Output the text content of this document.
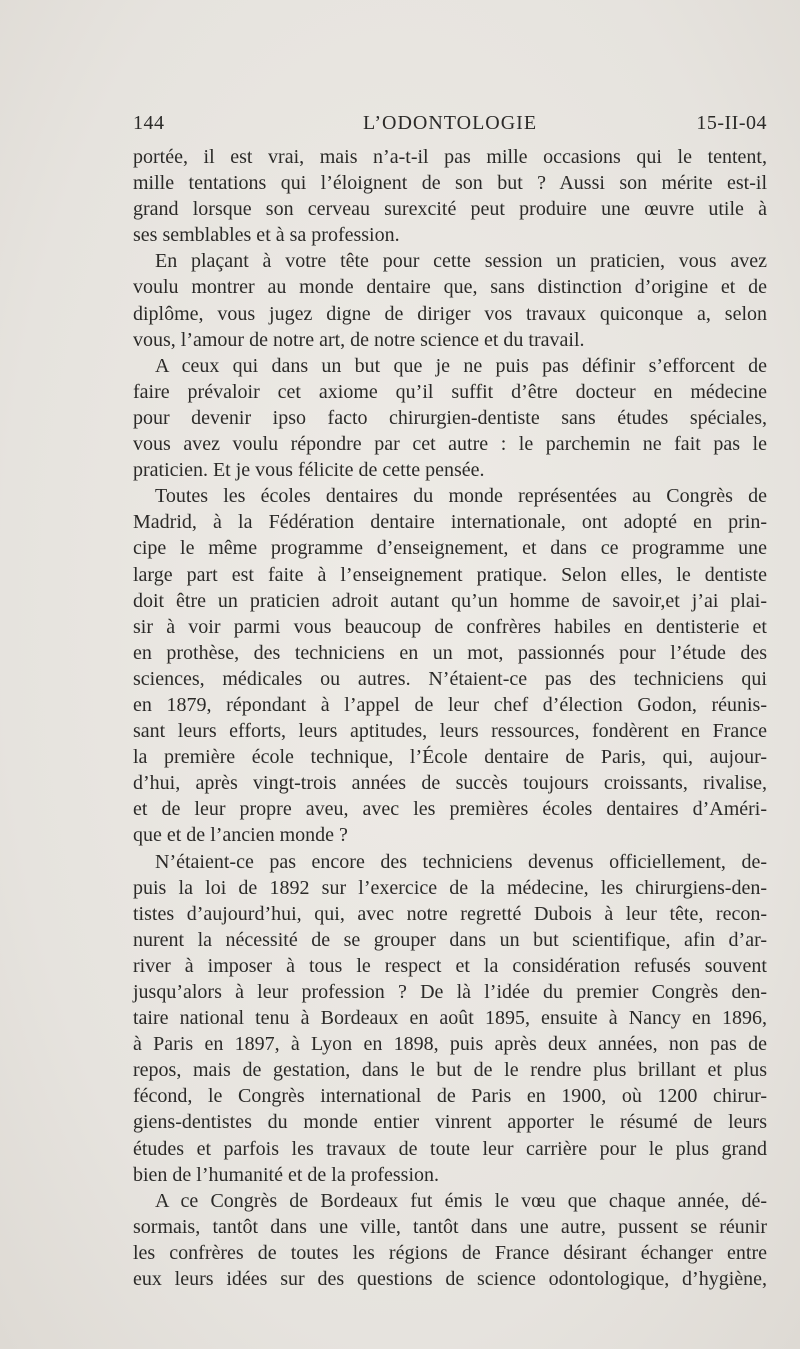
144	L’ODONTOLOGIE	15-II-04
portée, il est vrai, mais n’a-t-il pas mille occasions qui le tentent,
mille tentations qui l’éloignent de son but ? Aussi son mérite est-il
grand lorsque son cerveau surexcité peut produire une œuvre utile à
ses semblables et à sa profession.
En plaçant à votre tête pour cette session un praticien, vous avez
voulu montrer au monde dentaire que, sans distinction d’origine et de
diplôme, vous jugez digne de diriger vos travaux quiconque a, selon
vous, l’amour de notre art, de notre science et du travail.
A ceux qui dans un but que je ne puis pas définir s’efforcent de
faire prévaloir cet axiome qu’il suffit d’être docteur en médecine
pour devenir ipso facto chirurgien-dentiste sans études spéciales,
vous avez voulu répondre par cet autre : le parchemin ne fait pas le
praticien. Et je vous félicite de cette pensée.
Toutes les écoles dentaires du monde représentées au Congrès de
Madrid, à la Fédération dentaire internationale, ont adopté en prin-
cipe le même programme d’enseignement, et dans ce programme une
large part est faite à l’enseignement pratique. Selon elles, le dentiste
doit être un praticien adroit autant qu’un homme de savoir,et j’ai plai-
sir à voir parmi vous beaucoup de confrères habiles en dentisterie et
en prothèse, des techniciens en un mot, passionnés pour l’étude des
sciences, médicales ou autres. N’étaient-ce pas des techniciens qui
en 1879, répondant à l’appel de leur chef d’élection Godon, réunis-
sant leurs efforts, leurs aptitudes, leurs ressources, fondèrent en France
la première école technique, l’École dentaire de Paris, qui, aujour-
d’hui, après vingt-trois années de succès toujours croissants, rivalise,
et de leur propre aveu, avec les premières écoles dentaires d’Améri-
que et de l’ancien monde ?
N’étaient-ce pas encore des techniciens devenus officiellement, de-
puis la loi de 1892 sur l’exercice de la médecine, les chirurgiens-den-
tistes d’aujourd’hui, qui, avec notre regretté Dubois à leur tête, recon-
nurent la nécessité de se grouper dans un but scientifique, afin d’ar-
river à imposer à tous le respect et la considération refusés souvent
jusqu’alors à leur profession ? De là l’idée du premier Congrès den-
taire national tenu à Bordeaux en août 1895, ensuite à Nancy en 1896,
à Paris en 1897, à Lyon en 1898, puis après deux années, non pas de
repos, mais de gestation, dans le but de le rendre plus brillant et plus
fécond, le Congrès international de Paris en 1900, où 1200 chirur-
giens-dentistes du monde entier vinrent apporter le résumé de leurs
études et parfois les travaux de toute leur carrière pour le plus grand
bien de l’humanité et de la profession.
A ce Congrès de Bordeaux fut émis le vœu que chaque année, dé-
sormais, tantôt dans une ville, tantôt dans une autre, pussent se réunir
les confrères de toutes les régions de France désirant échanger entre
eux leurs idées sur des questions de science odontologique, d’hygiène,
